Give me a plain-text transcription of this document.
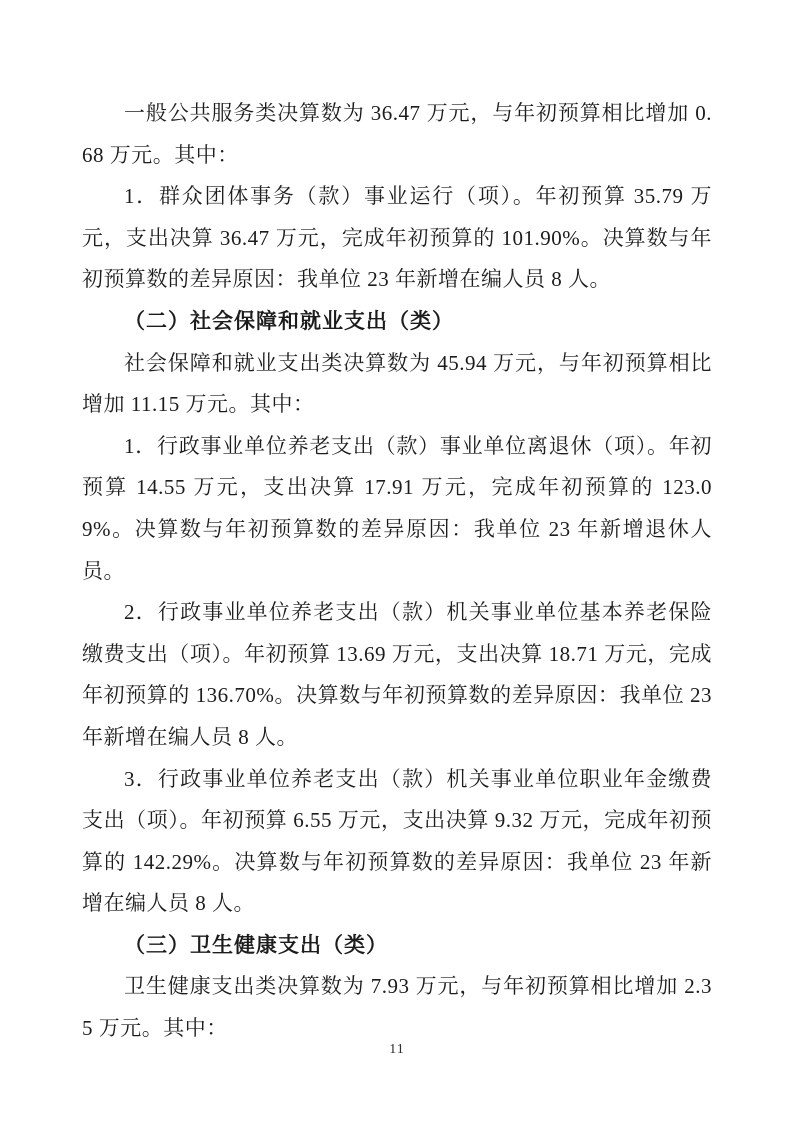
一般公共服务类决算数为 36.47 万元，与年初预算相比增加 0.68 万元。其中：

1．群众团体事务（款）事业运行（项）。年初预算 35.79 万元，支出决算 36.47 万元，完成年初预算的 101.90%。决算数与年初预算数的差异原因：我单位 23 年新增在编人员 8 人。

（二）社会保障和就业支出（类）

社会保障和就业支出类决算数为 45.94 万元，与年初预算相比增加 11.15 万元。其中：

1．行政事业单位养老支出（款）事业单位离退休（项）。年初预算 14.55 万元，支出决算 17.91 万元，完成年初预算的 123.09%。决算数与年初预算数的差异原因：我单位 23 年新增退休人员。

2．行政事业单位养老支出（款）机关事业单位基本养老保险缴费支出（项）。年初预算 13.69 万元，支出决算 18.71 万元，完成年初预算的 136.70%。决算数与年初预算数的差异原因：我单位 23 年新增在编人员 8 人。

3．行政事业单位养老支出（款）机关事业单位职业年金缴费支出（项）。年初预算 6.55 万元，支出决算 9.32 万元，完成年初预算的 142.29%。决算数与年初预算数的差异原因：我单位 23 年新增在编人员 8 人。

（三）卫生健康支出（类）

卫生健康支出类决算数为 7.93 万元，与年初预算相比增加 2.35 万元。其中：

11
